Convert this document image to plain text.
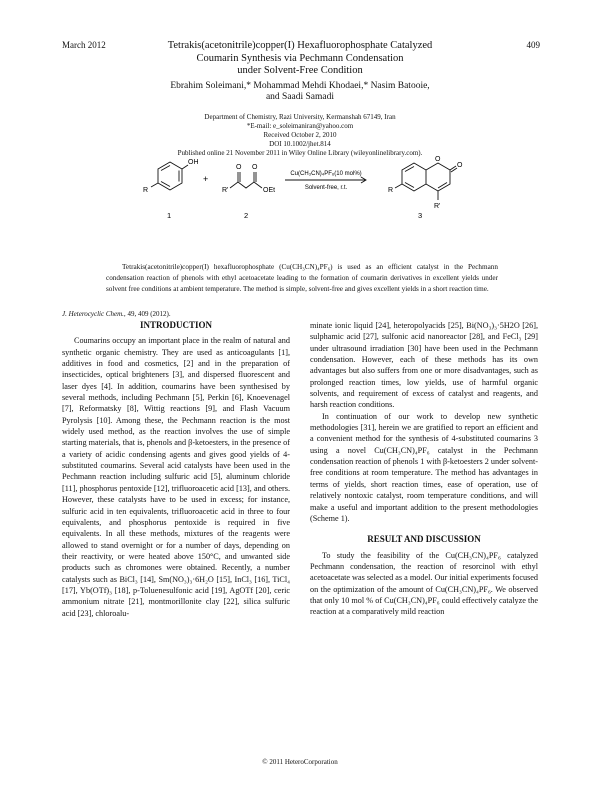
March 2012	409
Tetrakis(acetonitrile)copper(I) Hexafluorophosphate Catalyzed
Coumarin Synthesis via Pechmann Condensation
under Solvent-Free Condition
Ebrahim Soleimani,* Mohammad Mehdi Khodaei,* Nasim Batooie,
and Saadi Samadi
Department of Chemistry, Razi University, Kermanshah 67149, Iran
*E-mail: e_soleimaniran@yahoo.com
Received October 2, 2010
DOI 10.1002/jhet.814
Published online 21 November 2011 in Wiley Online Library (wileyonlinelibrary.com).
OH
R
1
+
O O
R'	OEt
2
Cu(CH₃CN)₄PF₆(10 mol%)
Solvent-free, r.t.	R
O
O
R'
3

Tetrakis(acetonitrile)copper(I) hexafluorophosphate (Cu(CH₃CN)₄PF₆) is used as an efficient catalyst in the Pechmann condensation reaction of phenols with ethyl acetoacetate leading to the formation of coumarin derivatives in excellent yields under solvent free conditions at ambient temperature. The method is simple, solvent-free and gives excellent yields in a short reaction time.

J. Heterocyclic Chem., 49, 409 (2012).
INTRODUCTION

Coumarins occupy an important place in the realm of natural and synthetic organic chemistry. They are used as anticoagulants [1], additives in food and cosmetics, [2] and in the preparation of insecticides, optical brighteners [3], and dispersed fluorescent and laser dyes [4]. In addition, coumarins have been synthesised by several methods, including Pechmann [5], Perkin [6], Knoevenagel [7], Reformatsky [8], Wittig reactions [9], and Flash Vacuum Pyrolysis [10]. Among these, the Pechmann reaction is the most widely used method, as the reaction involves the use of simple starting materials, that is, phenols and β-ketoesters, in the presence of a variety of acidic condensing agents and gives good yields of 4-substituted coumarins. Several acid catalysts have been used in the Pechmann reaction including sulfuric acid [5], aluminum chloride [11], phosphorus pentoxide [12], trifluoroacetic acid [13], and others. However, these catalysts have to be used in excess; for instance, sulfuric acid in ten equivalents, trifluoroacetic acid in three to four equivalents, and phosphorus pentoxide is required in five equivalents. In all these methods, mixtures of the reagents were allowed to stand overnight or for a number of days, depending on their reactivity, or were heated above 150°C, and unwanted side products such as chromones were obtained. Recently, a number catalysts such as BiCl₃ [14], Sm(NO₃)₃·6H₂O [15], InCl₃ [16], TiCl₄ [17], Yb(OTf)₃ [18], p-Toluenesulfonic acid [19], AgOTf [20], ceric ammonium nitrate [21], montmorillonite clay [22], silica sulfuric acid [23], chloroalu-

minate ionic liquid [24], heteropolyacids [25], Bi(NO₃)₃·5H2O [26], sulphamic acid [27], sulfonic acid nanoreactor [28], and FeCl₃ [29] under ultrasound irradiation [30] have been used in the Pechmann condensation. However, each of these methods has its own advantages but also suffers from one or more disadvantages, such as prolonged reaction times, low yields, use of harmful organic solvents, and requirement of excess of catalyst and reagents, and harsh reaction conditions.

In continuation of our work to develop new synthetic methodologies [31], herein we are gratified to report an efficient and a convenient method for the synthesis of 4-substituted coumarins 3 using a novel Cu(CH₃CN)₄PF₆ catalyst in the Pechmann condensation reaction of phenols 1 with β-ketoesters 2 under solvent-free conditions at room temperature. The method has advantages in terms of yields, short reaction times, ease of operation, use of relatively nontoxic catalyst, room temperature conditions, and will make a useful and important addition to the present methodologies (Scheme 1).

RESULT AND DISCUSSION

To study the feasibility of the Cu(CH₃CN)₄PF₆ catalyzed Pechmann condensation, the reaction of resorcinol with ethyl acetoacetate was selected as a model. Our initial experiments focused on the optimization of the amount of Cu(CH₃CN)₄PF₆. We observed that only 10 mol % of Cu(CH₃CN)₄PF₆ could effectively catalyze the reaction at a comparatively mild reaction

© 2011 HeteroCorporation
